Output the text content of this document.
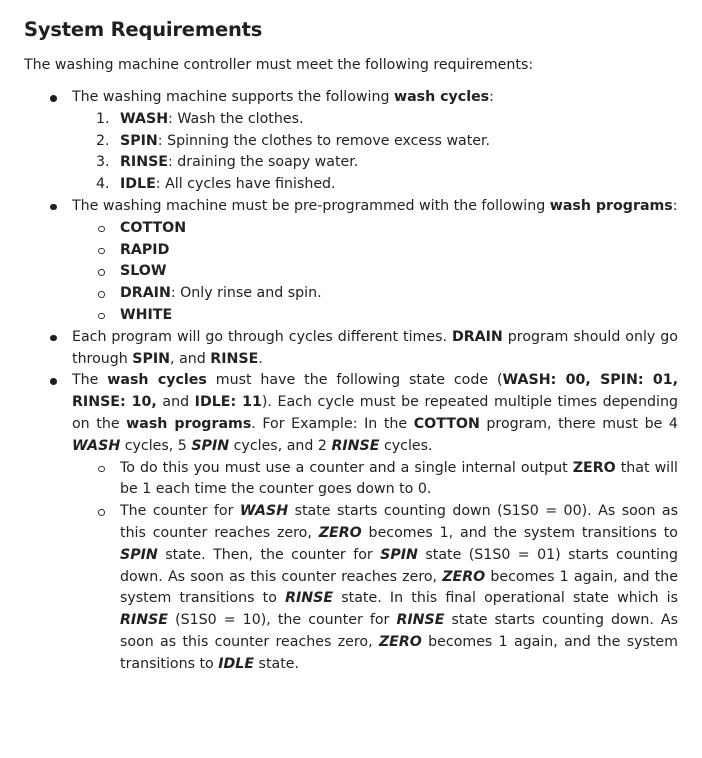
System Requirements

The washing machine controller must meet the following requirements:

The washing machine supports the following wash cycles:
1. WASH: Wash the clothes.
2. SPIN: Spinning the clothes to remove excess water.
3. RINSE: draining the soapy water.
4. IDLE: All cycles have finished.
The washing machine must be pre-programmed with the following wash programs:
COTTON
RAPID
SLOW
DRAIN: Only rinse and spin.
WHITE
Each program will go through cycles different times. DRAIN program should only go through SPIN, and RINSE.
The wash cycles must have the following state code (WASH: 00, SPIN: 01, RINSE: 10, and IDLE: 11). Each cycle must be repeated multiple times depending on the wash programs. For Example: In the COTTON program, there must be 4 WASH cycles, 5 SPIN cycles, and 2 RINSE cycles.
To do this you must use a counter and a single internal output ZERO that will be 1 each time the counter goes down to 0.
The counter for WASH state starts counting down (S1S0 = 00). As soon as this counter reaches zero, ZERO becomes 1, and the system transitions to SPIN state. Then, the counter for SPIN state (S1S0 = 01) starts counting down. As soon as this counter reaches zero, ZERO becomes 1 again, and the system transitions to RINSE state. In this final operational state which is RINSE (S1S0 = 10), the counter for RINSE state starts counting down. As soon as this counter reaches zero, ZERO becomes 1 again, and the system transitions to IDLE state.
